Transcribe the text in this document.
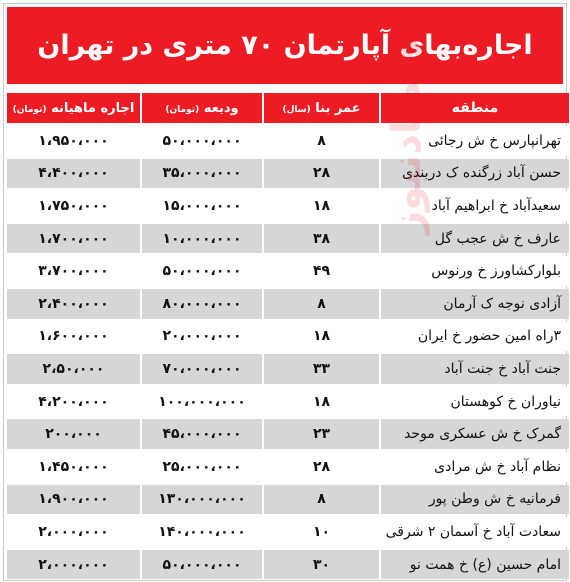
اجاره‌بهای آپارتمان ۷۰ متری در تهران
منطقه	عمر بنا (سال)	ودیعه (تومان)	اجاره ماهیانه (تومان)
تهرانپارس خ ش رجائی	۸	۵۰،۰۰۰،۰۰۰	۱،۹۵۰،۰۰۰
حسن آباد زرگنده ک دربندی	۲۸	۳۵،۰۰۰،۰۰۰	۴،۴۰۰،۰۰۰
سعیدآباد خ ابراهیم آباد	۱۸	۱۵،۰۰۰،۰۰۰	۱،۷۵۰،۰۰۰
عارف خ ش عجب گل	۳۸	۱۰،۰۰۰،۰۰۰	۱،۷۰۰،۰۰۰
بلوارکشاورز خ ورنوس	۴۹	۵۰،۰۰۰،۰۰۰	۳،۷۰۰،۰۰۰
آزادی نوجه ک آرمان	۸	۸۰،۰۰۰،۰۰۰	۲،۴۰۰،۰۰۰
۳راه امین حضور خ ایران	۱۸	۲۰،۰۰۰،۰۰۰	۱،۶۰۰،۰۰۰
جنت آباد خ جنت آباد	۳۳	۷۰،۰۰۰،۰۰۰	۲،۵۰،۰۰۰
نیاوران خ کوهستان	۱۸	۱۰۰،۰۰۰،۰۰۰	۴،۲۰۰،۰۰۰
گمرک خ ش عسکری موحد	۲۳	۴۵،۰۰۰،۰۰۰	۲۰۰،۰۰۰
نظام آباد خ ش مرادی	۲۸	۲۵،۰۰۰،۰۰۰	۱،۴۵۰،۰۰۰
فرمانیه خ ش وطن پور	۸	۱۳۰،۰۰۰،۰۰۰	۱،۹۰۰،۰۰۰
سعادت آباد خ آسمان ۲ شرقی	۱۰	۱۴۰،۰۰۰،۰۰۰	۲،۰۰۰،۰۰۰
امام حسین (ع) خ همت نو	۳۰	۵۰،۰۰۰،۰۰۰	۲،۰۰۰،۰۰۰
